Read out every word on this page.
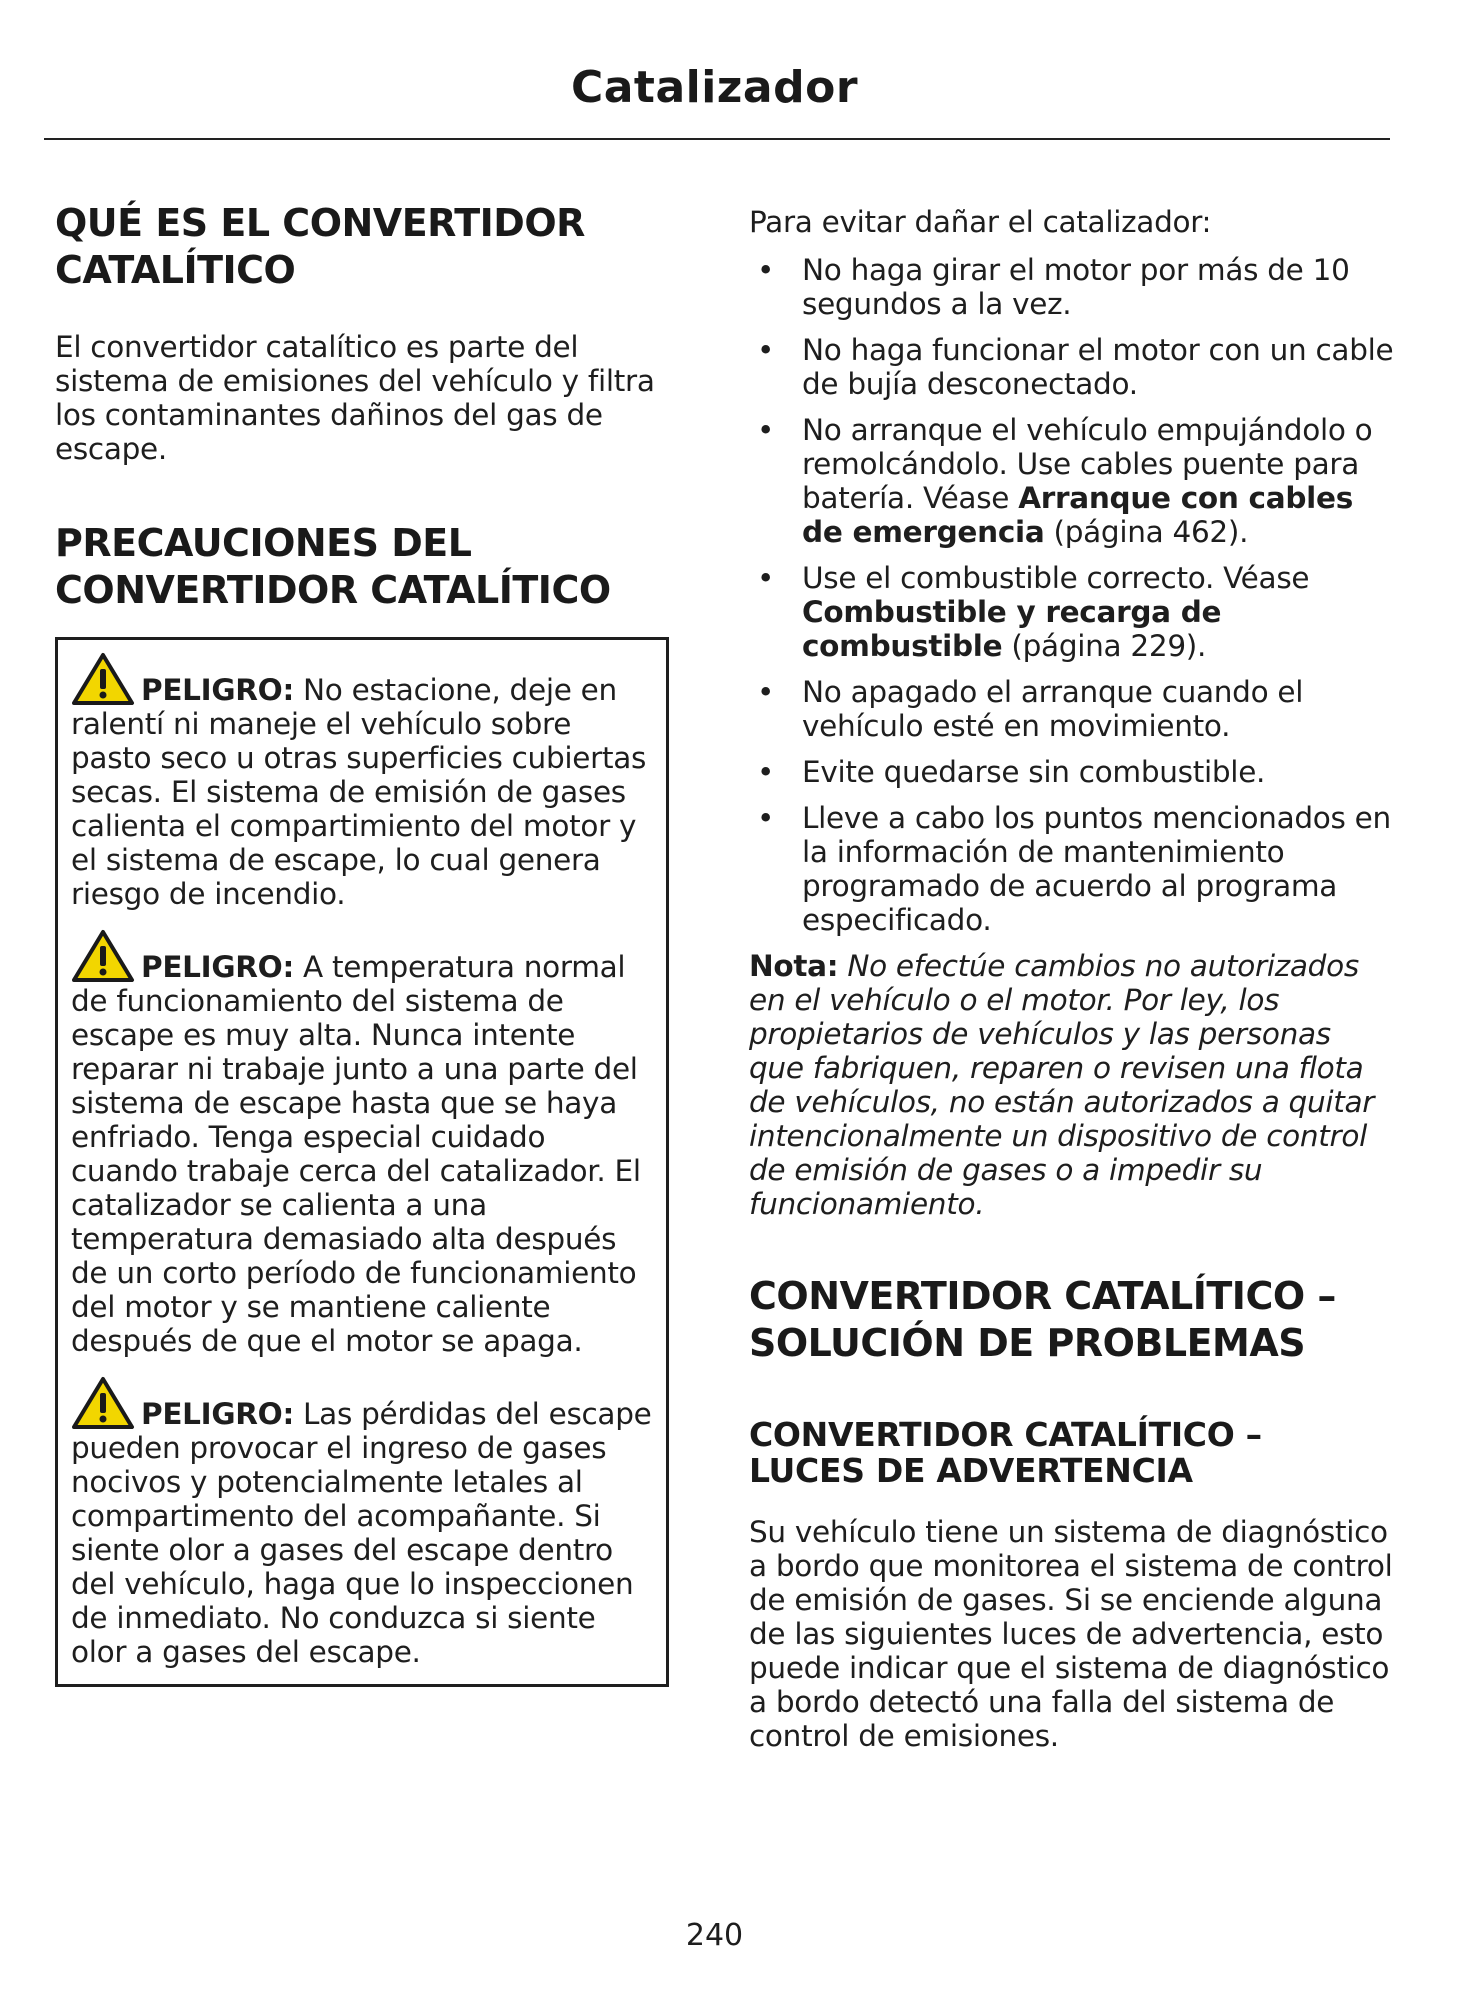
Catalizador
QUÉ ES EL CONVERTIDOR
CATALÍTICO

El convertidor catalítico es parte del sistema de emisiones del vehículo y filtra los contaminantes dañinos del gas de escape.

PRECAUCIONES DEL
CONVERTIDOR CATALÍTICO

PELIGRO: No estacione, deje en ralentí ni maneje el vehículo sobre pasto seco u otras superficies cubiertas secas. El sistema de emisión de gases calienta el compartimiento del motor y el sistema de escape, lo cual genera riesgo de incendio.

PELIGRO: A temperatura normal de funcionamiento del sistema de escape es muy alta. Nunca intente reparar ni trabaje junto a una parte del sistema de escape hasta que se haya enfriado. Tenga especial cuidado cuando trabaje cerca del catalizador. El catalizador se calienta a una temperatura demasiado alta después de un corto período de funcionamiento del motor y se mantiene caliente después de que el motor se apaga.

PELIGRO: Las pérdidas del escape pueden provocar el ingreso de gases nocivos y potencialmente letales al compartimento del acompañante. Si siente olor a gases del escape dentro del vehículo, haga que lo inspeccionen de inmediato. No conduzca si siente olor a gases del escape.

Para evitar dañar el catalizador:

• No haga girar el motor por más de 10 segundos a la vez.
• No haga funcionar el motor con un cable de bujía desconectado.
• No arranque el vehículo empujándolo o remolcándolo. Use cables puente para batería. Véase Arranque con cables de emergencia (página 462).
• Use el combustible correcto. Véase Combustible y recarga de combustible (página 229).
• No apagado el arranque cuando el vehículo esté en movimiento.
• Evite quedarse sin combustible.
• Lleve a cabo los puntos mencionados en la información de mantenimiento programado de acuerdo al programa especificado.

Nota: No efectúe cambios no autorizados en el vehículo o el motor. Por ley, los propietarios de vehículos y las personas que fabriquen, reparen o revisen una flota de vehículos, no están autorizados a quitar intencionalmente un dispositivo de control de emisión de gases o a impedir su funcionamiento.

CONVERTIDOR CATALÍTICO –
SOLUCIÓN DE PROBLEMAS
CONVERTIDOR CATALÍTICO –
LUCES DE ADVERTENCIA

Su vehículo tiene un sistema de diagnóstico a bordo que monitorea el sistema de control de emisión de gases. Si se enciende alguna de las siguientes luces de advertencia, esto puede indicar que el sistema de diagnóstico a bordo detectó una falla del sistema de control de emisiones.

240
